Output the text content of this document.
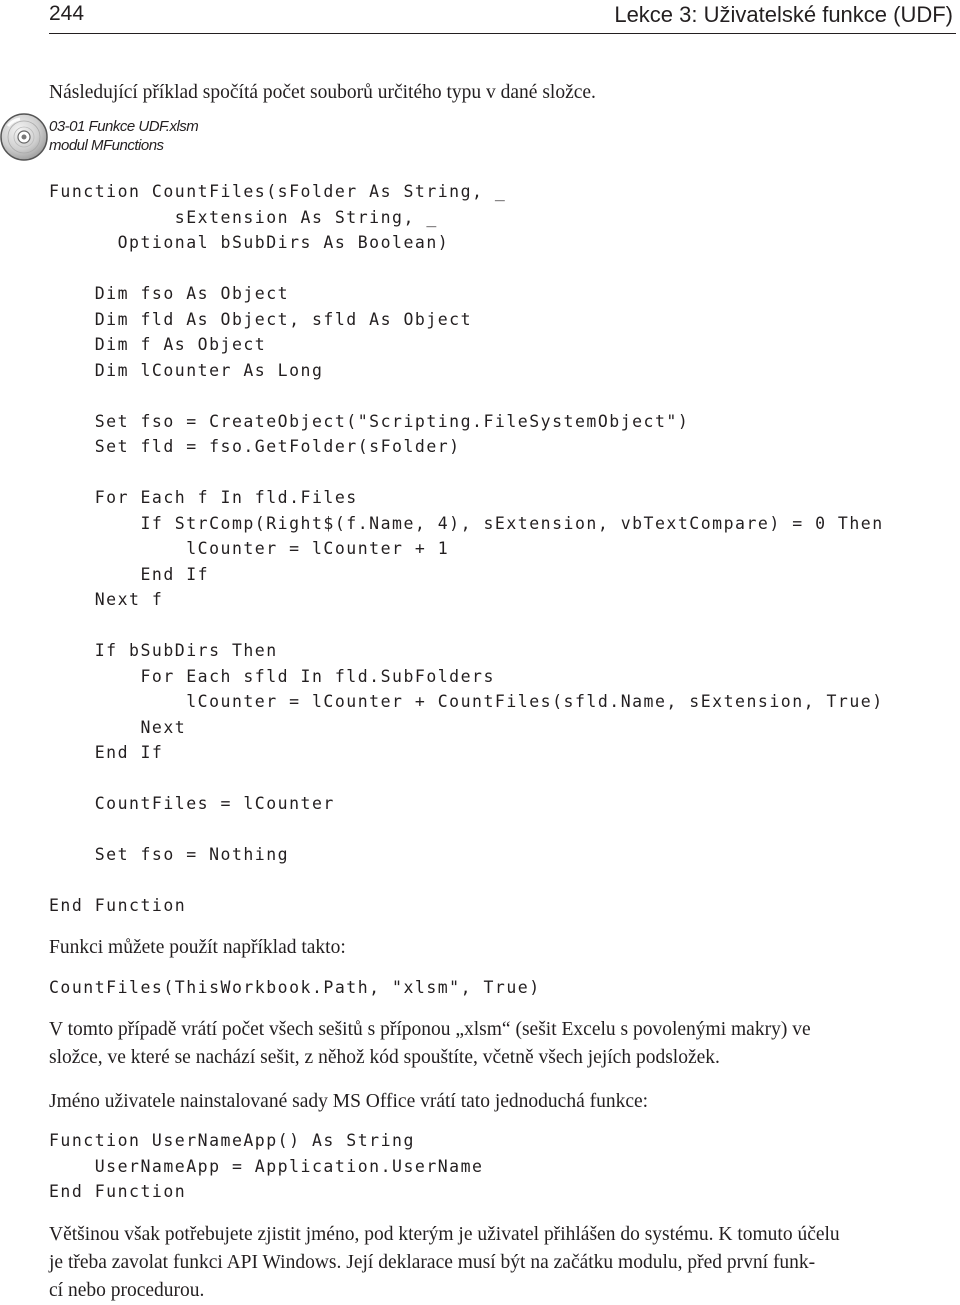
244	Lekce 3: Uživatelské funkce (UDF)

Následující příklad spočítá počet souborů určitého typu v dané složce.

03-01 Funkce UDF.xlsm
modul MFunctions
Function CountFiles(sFolder As String, _
sExtension As String, _
Optional bSubDirs As Boolean)
Dim fso As Object
Dim fld As Object, sfld As Object
Dim f As Object
Dim lCounter As Long
Set fso = CreateObject("Scripting.FileSystemObject")
Set fld = fso.GetFolder(sFolder)
For Each f In fld.Files
If StrComp(Right$(f.Name, 4), sExtension, vbTextCompare) = 0 Then
lCounter = lCounter + 1
End If
Next f
If bSubDirs Then
For Each sfld In fld.SubFolders
lCounter = lCounter + CountFiles(sfld.Name, sExtension, True)
Next
End If
CountFiles = lCounter
Set fso = Nothing
End Function

Funkci můžete použít například takto:

CountFiles(ThisWorkbook.Path, "xlsm", True)

V tomto případě vrátí počet všech sešitů s příponou „xlsm“ (sešit Excelu s povolenými makry) ve

složce, ve které se nachází sešit, z něhož kód spouštíte, včetně všech jejích podsložek.

Jméno uživatele nainstalované sady MS Office vrátí tato jednoduchá funkce:

Function UserNameApp() As String
UserNameApp = Application.UserName
End Function

Většinou však potřebujete zjistit jméno, pod kterým je uživatel přihlášen do systému. K tomuto účelu

je třeba zavolat funkci API Windows. Její deklarace musí být na začátku modulu, před první funk-

cí nebo procedurou.
